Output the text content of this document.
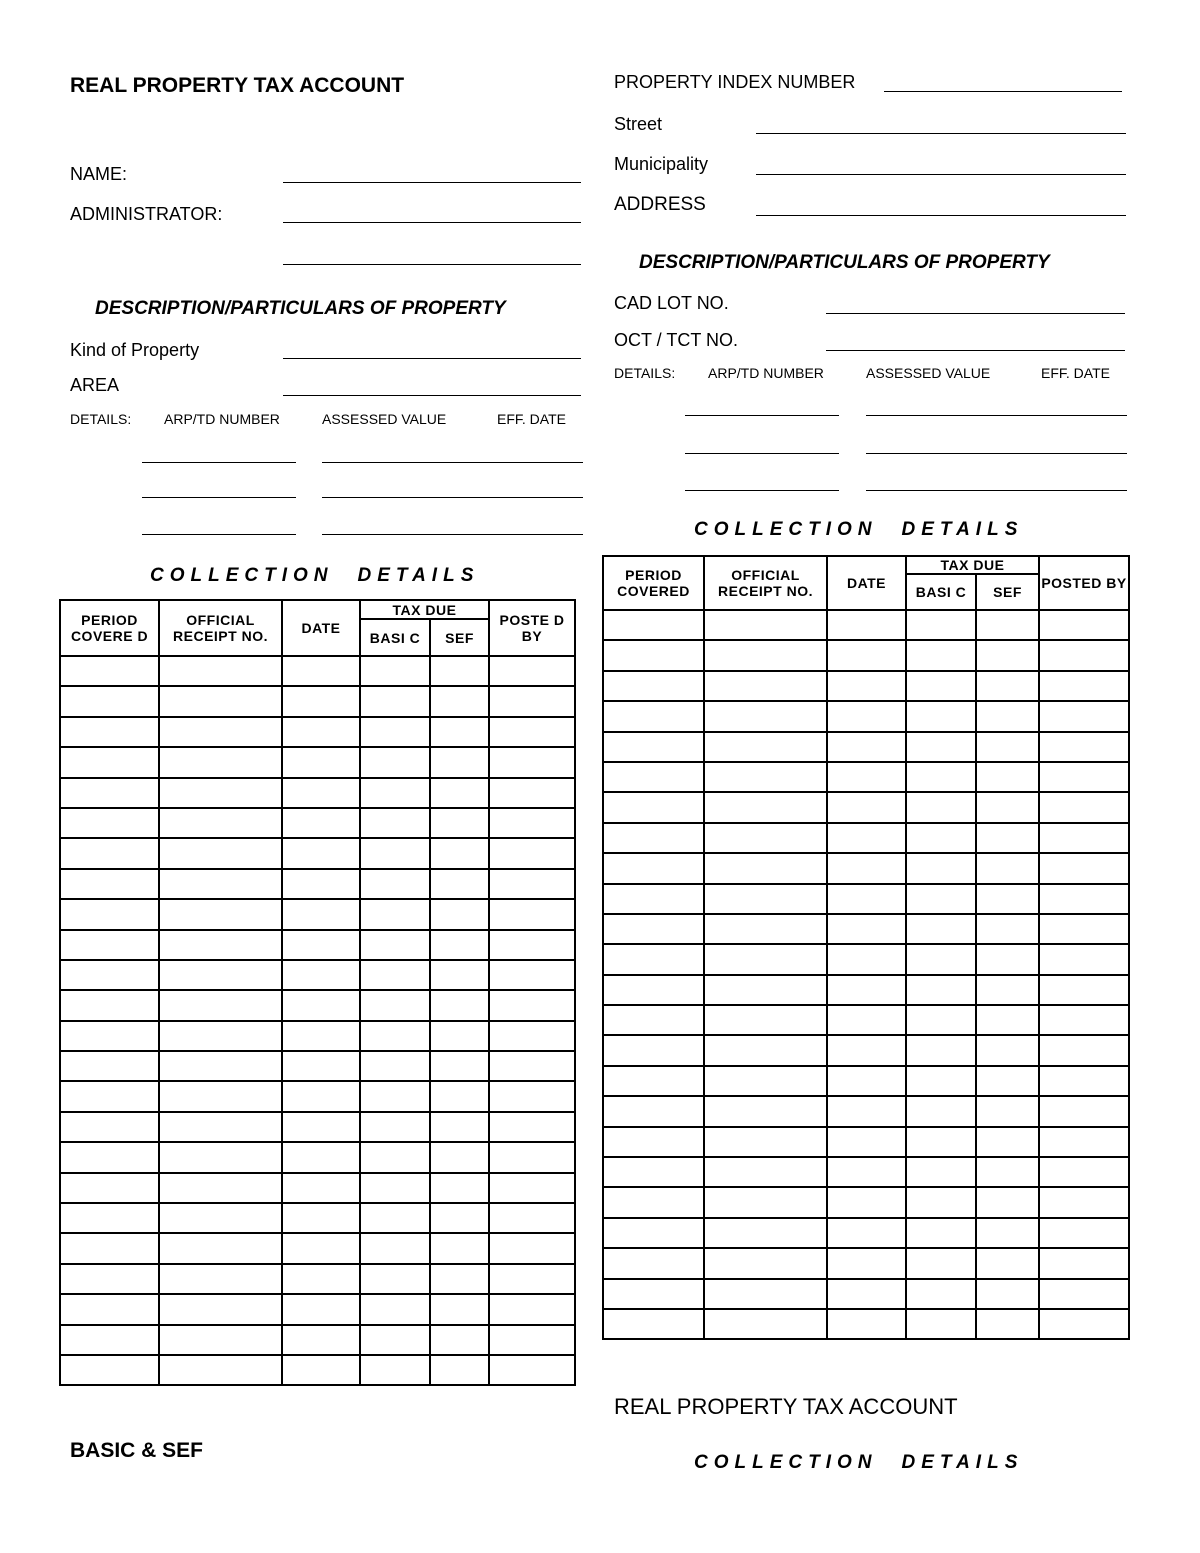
REAL PROPERTY TAX ACCOUNT
NAME:
ADMINISTRATOR:
DESCRIPTION/PARTICULARS OF PROPERTY
Kind of Property
AREA
DETAILS: ARP/TD NUMBER	ASSESSED VALUE	EFF. DATE
COLLECTION DETAILS
PERIOD COVERE D	OFFICIAL RECEIPT NO.	DATE	TAX DUE		POSTE D BY
			BASI C	SEF	

BASIC & SEF
PROPERTY INDEX NUMBER
Street
Municipality
ADDRESS
DESCRIPTION/PARTICULARS OF PROPERTY
CAD LOT NO.
OCT / TCT NO.
DETAILS: ARP/TD NUMBER	ASSESSED VALUE	EFF. DATE
COLLECTION DETAILS
PERIOD COVERED	OFFICIAL RECEIPT NO.	DATE	TAX DUE		POSTED BY
			BASI C	SEF	

REAL PROPERTY TAX ACCOUNT
COLLECTION DETAILS
